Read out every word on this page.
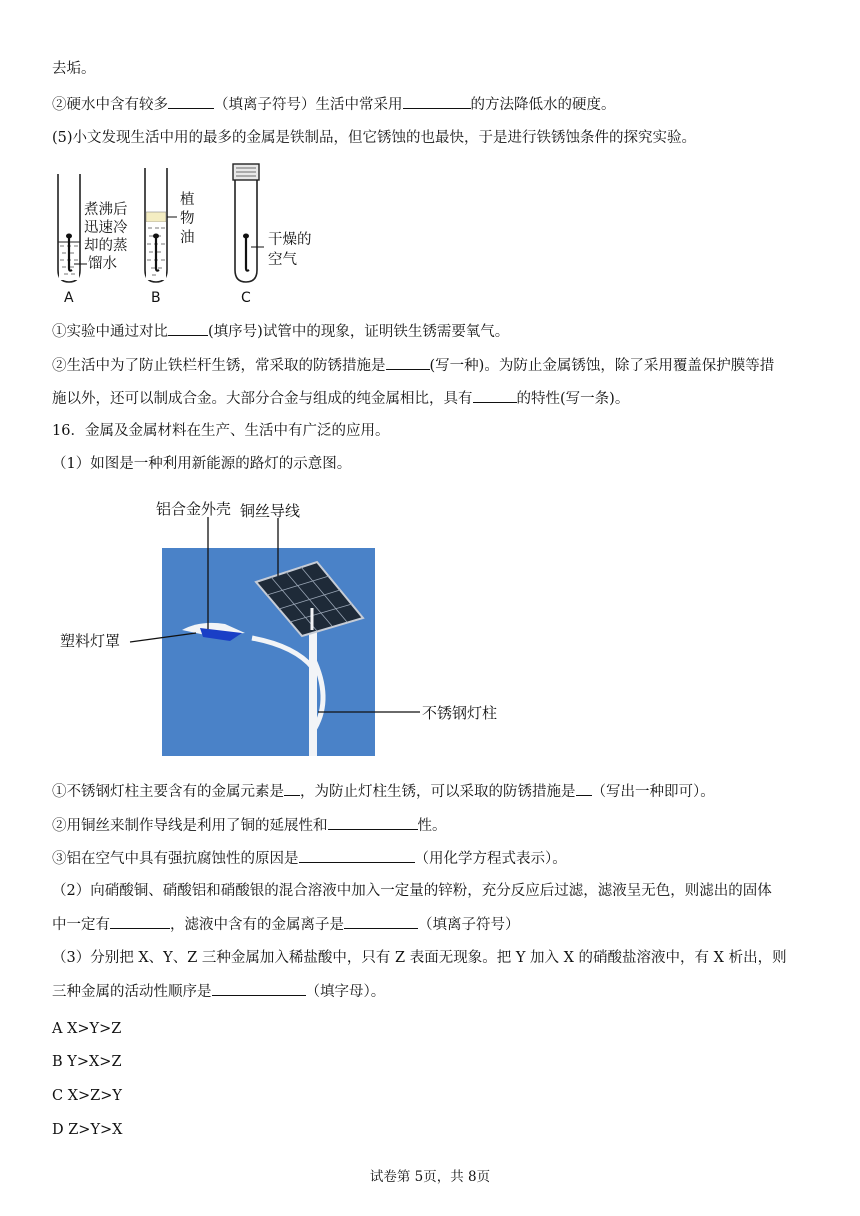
去垢。
②硬水中含有较多	（填离子符号）生活中常采用	的方法降低水的硬度。
(5)小文发现生活中用的最多的金属是铁制品，但它锈蚀的也最快，于是进行铁锈蚀条件的探究实验。
煮沸后
迅速冷
却的蒸
馏水
A
植
物
油
B
干燥的
空气
C
①实验中通过对比	(填序号)试管中的现象，证明铁生锈需要氧气。
②生活中为了防止铁栏杆生锈，常采取的防锈措施是	(写一种)。为防止金属锈蚀，除了采用覆盖保护膜等措
施以外，还可以制成合金。大部分合金与组成的纯金属相比，具有	的特性(写一条)。
16．金属及金属材料在生产、生活中有广泛的应用。
（1）如图是一种利用新能源的路灯的示意图。
铝合金外壳 铜丝导线
塑料灯罩
不锈钢灯柱
①不锈钢灯柱主要含有的金属元素是 ，为防止灯柱生锈，可以采取的防锈措施是 （写出一种即可）。
②用铜丝来制作导线是利用了铜的延展性和	性。
③铝在空气中具有强抗腐蚀性的原因是	（用化学方程式表示）。
（2）向硝酸铜、硝酸铝和硝酸银的混合溶液中加入一定量的锌粉，充分反应后过滤，滤液呈无色，则滤出的固体
中一定有	，滤液中含有的金属离子是	（填离子符号）
（3）分别把 X、Y、Z 三种金属加入稀盐酸中，只有 Z 表面无现象。把 Y 加入 X 的硝酸盐溶液中，有 X 析出，则
三种金属的活动性顺序是	（填字母）。
A X>Y>Z
B Y>X>Z
C X>Z>Y
D Z>Y>X
试卷第 5页，共 8页
